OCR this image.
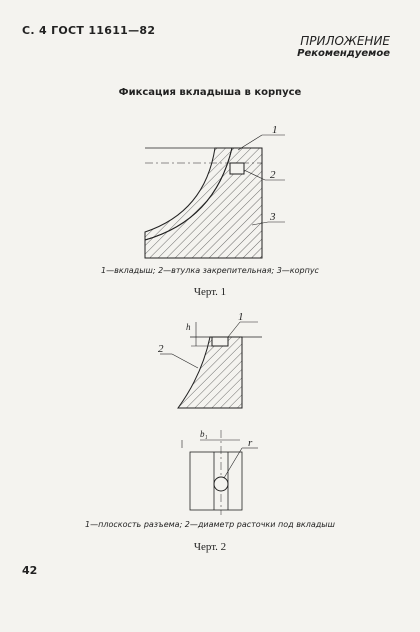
С. 4 ГОСТ 11611—82
ПРИЛОЖЕНИЕ
Рекомендуемое
Фиксация вкладыша в корпусе
1
2
3
h
1
2
b₁
r
1—вкладыш; 2—втулка закрепительная; 3—корпус
Черт. 1
1—плоскость разъема; 2—диаметр расточки под вкладыш
Черт. 2
42
